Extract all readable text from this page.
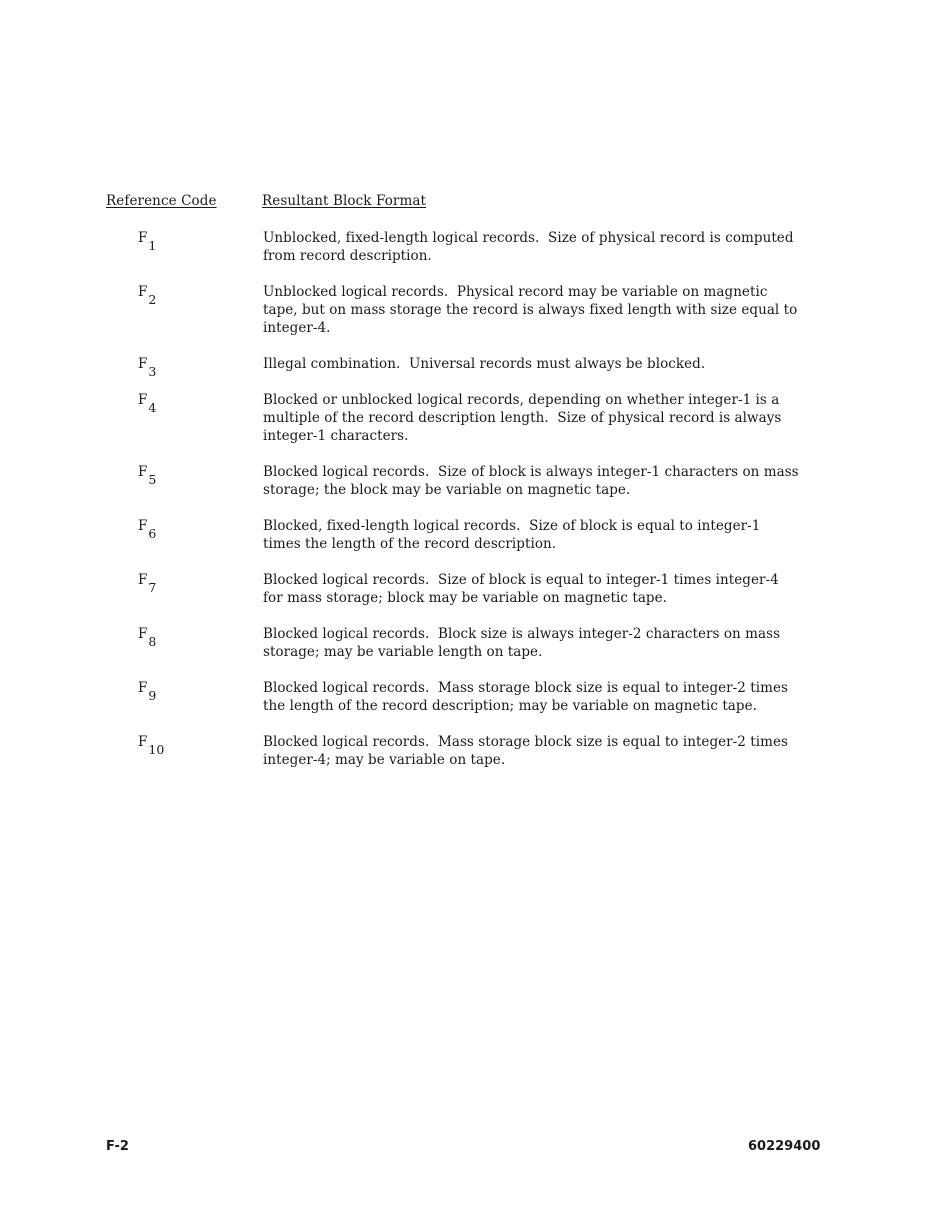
Reference Code	Resultant Block Format
F1	Unblocked, fixed-length logical records.  Size of physical record is computed
from record description.
F2	Unblocked logical records.  Physical record may be variable on magnetic
tape, but on mass storage the record is always fixed length with size equal to
integer-4.
F3	Illegal combination.  Universal records must always be blocked.
F4	Blocked or unblocked logical records, depending on whether integer-1 is a
multiple of the record description length.  Size of physical record is always
integer-1 characters.
F5	Blocked logical records.  Size of block is always integer-1 characters on mass
storage; the block may be variable on magnetic tape.
F6	Blocked, fixed-length logical records.  Size of block is equal to integer-1
times the length of the record description.
F7	Blocked logical records.  Size of block is equal to integer-1 times integer-4
for mass storage; block may be variable on magnetic tape.
F8	Blocked logical records.  Block size is always integer-2 characters on mass
storage; may be variable length on tape.
F9	Blocked logical records.  Mass storage block size is equal to integer-2 times
the length of the record description; may be variable on magnetic tape.
F10	Blocked logical records.  Mass storage block size is equal to integer-2 times
integer-4; may be variable on tape.
F-2	60229400
